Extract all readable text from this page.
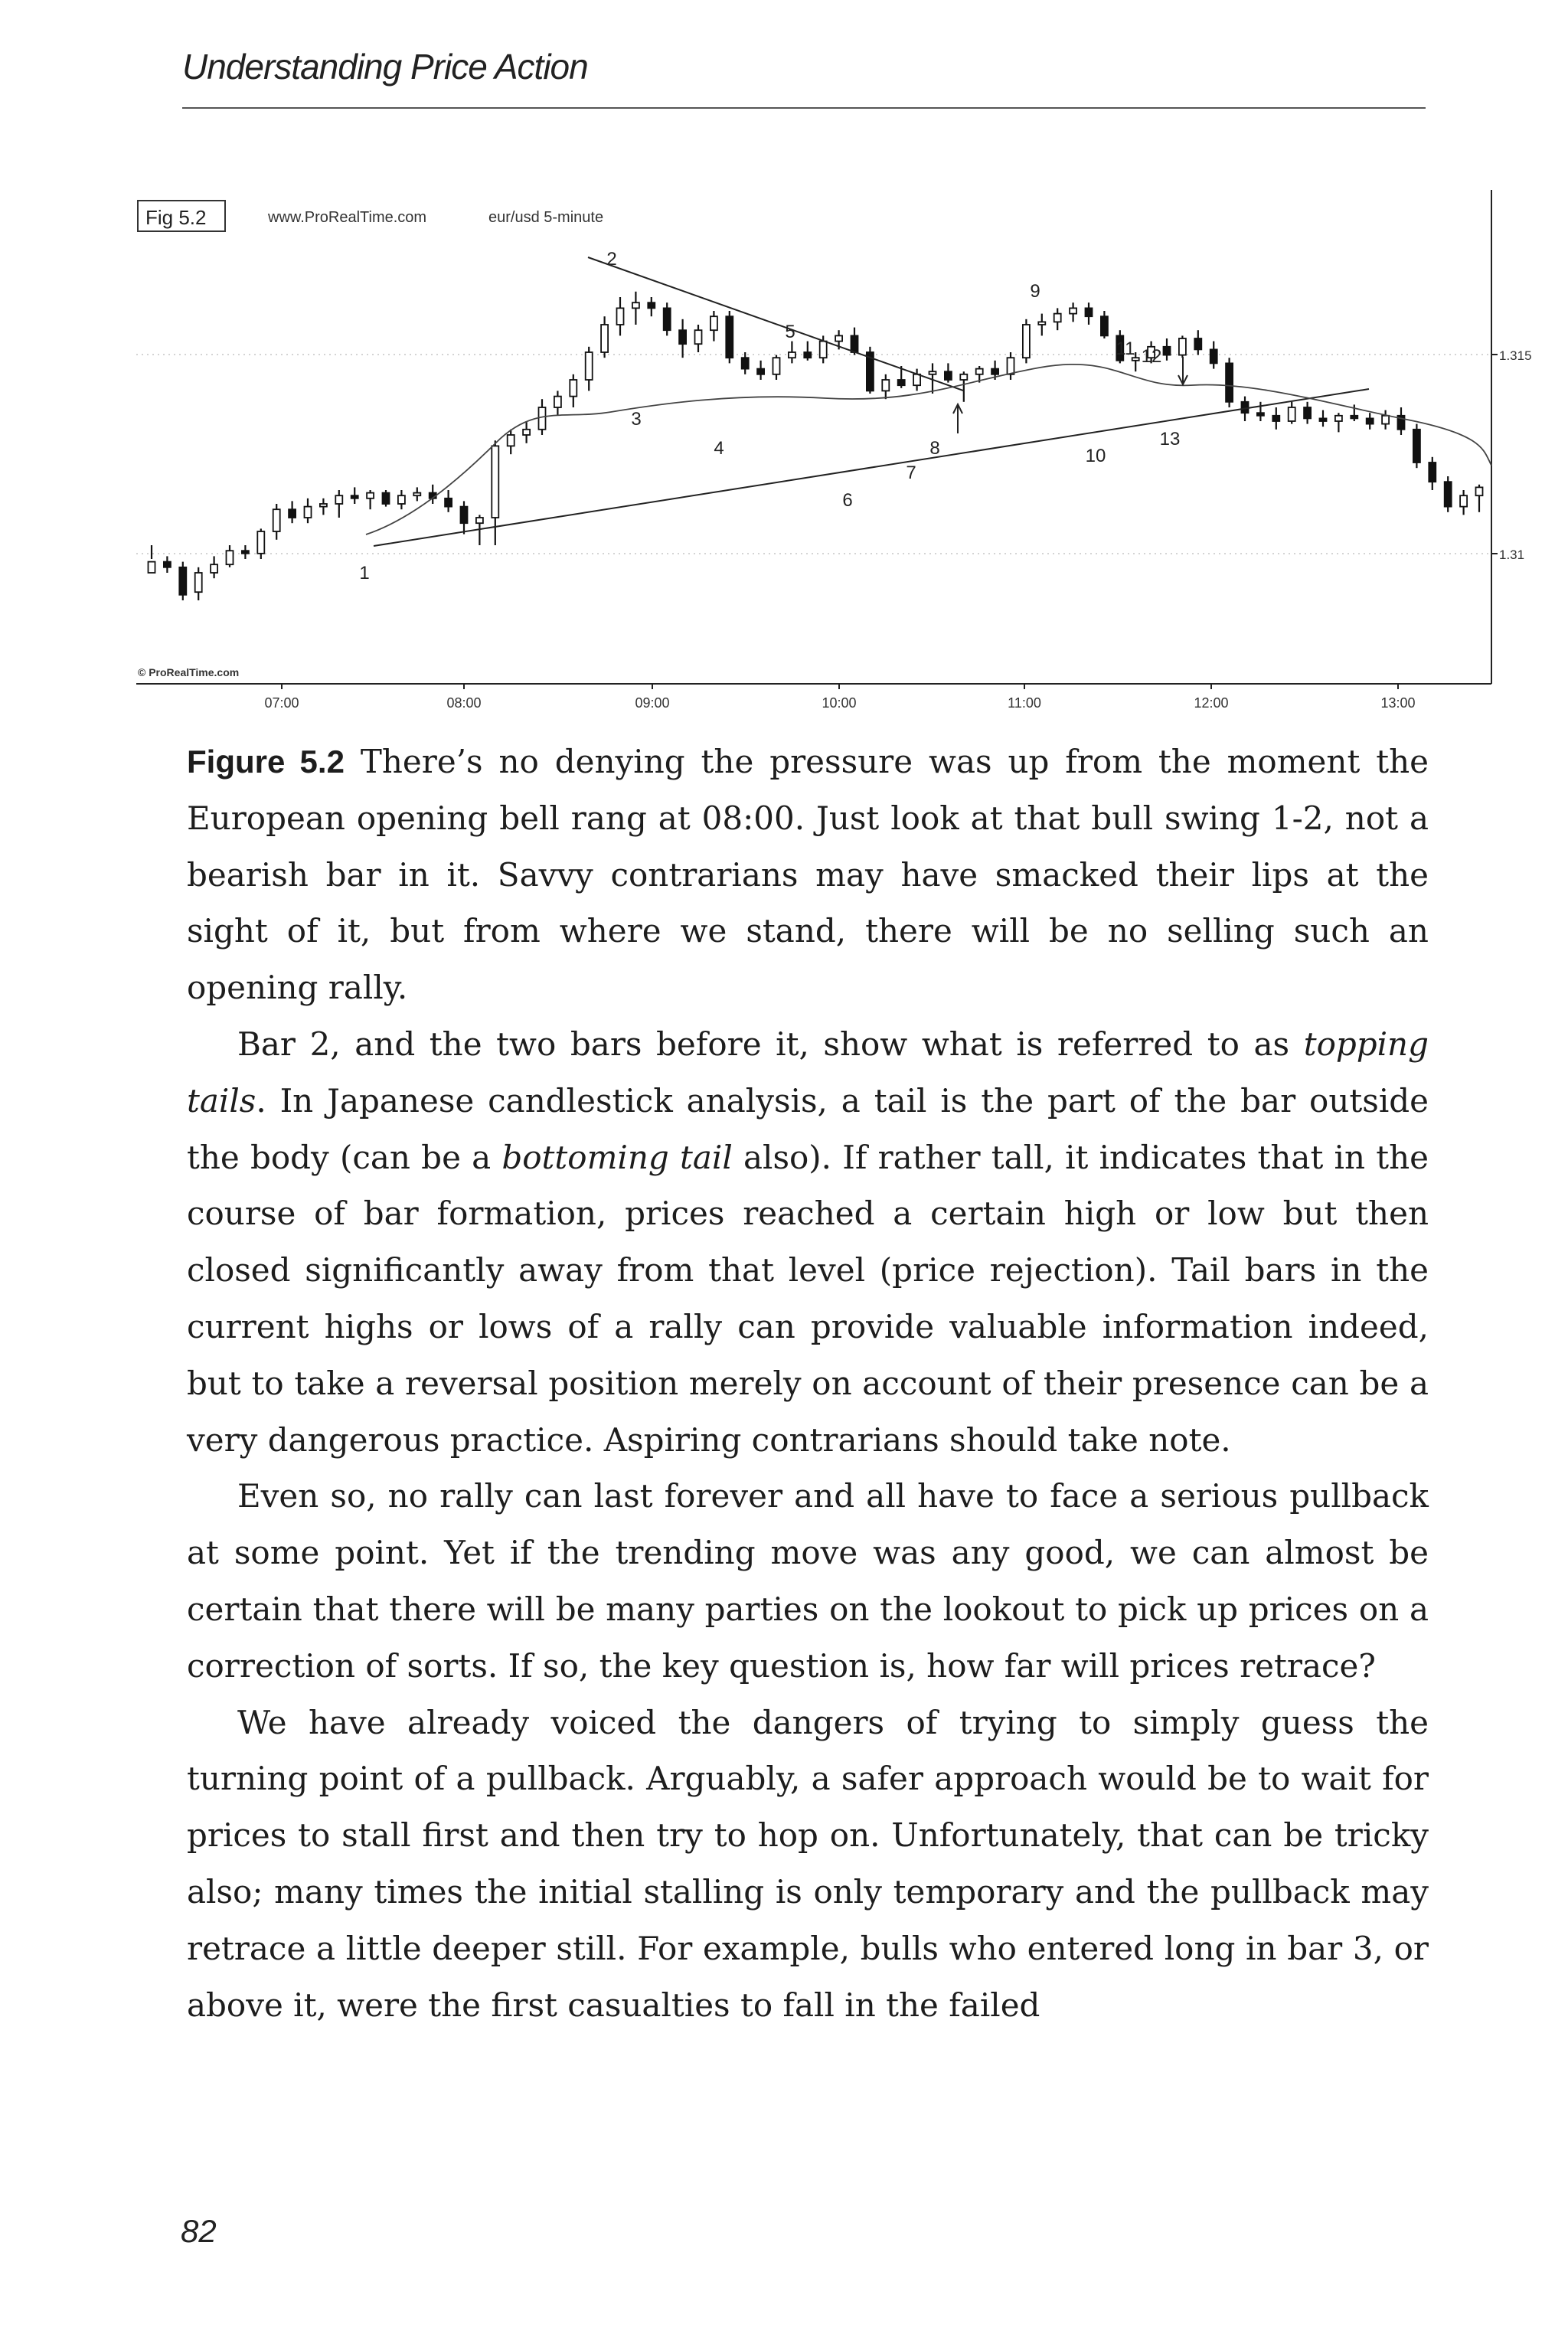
Understanding Price Action
Fig 5.2	www.ProRealTime.com	eur/usd 5-minute
1.315
1.31
© ProRealTime.com
07:00	08:00	09:00	10:00	11:00	12:00	13:00
1
2
3
4
5
6
7
8
9
10
11 12
13

Figure 5.2 There’s no denying the pressure was up from the moment the European opening bell rang at 08:00. Just look at that bull swing 1-2, not a bearish bar in it. Savvy contrarians may have smacked their lips at the sight of it, but from where we stand, there will be no selling such an opening rally.

Bar 2, and the two bars before it, show what is referred to as topping tails. In Japanese candlestick analysis, a tail is the part of the bar outside the body (can be a bottoming tail also). If rather tall, it indicates that in the course of bar formation, prices reached a certain high or low but then closed significantly away from that level (price rejection). Tail bars in the current highs or lows of a rally can provide valuable information indeed, but to take a reversal position merely on account of their presence can be a very dangerous practice. Aspiring contrarians should take note.

Even so, no rally can last forever and all have to face a serious pullback at some point. Yet if the trending move was any good, we can almost be certain that there will be many parties on the lookout to pick up prices on a correction of sorts. If so, the key question is, how far will prices retrace?

We have already voiced the dangers of trying to simply guess the turning point of a pullback. Arguably, a safer approach would be to wait for prices to stall first and then try to hop on. Unfortunately, that can be tricky also; many times the initial stalling is only temporary and the pullback may retrace a little deeper still. For example, bulls who entered long in bar 3, or above it, were the first casualties to fall in the failed

82
